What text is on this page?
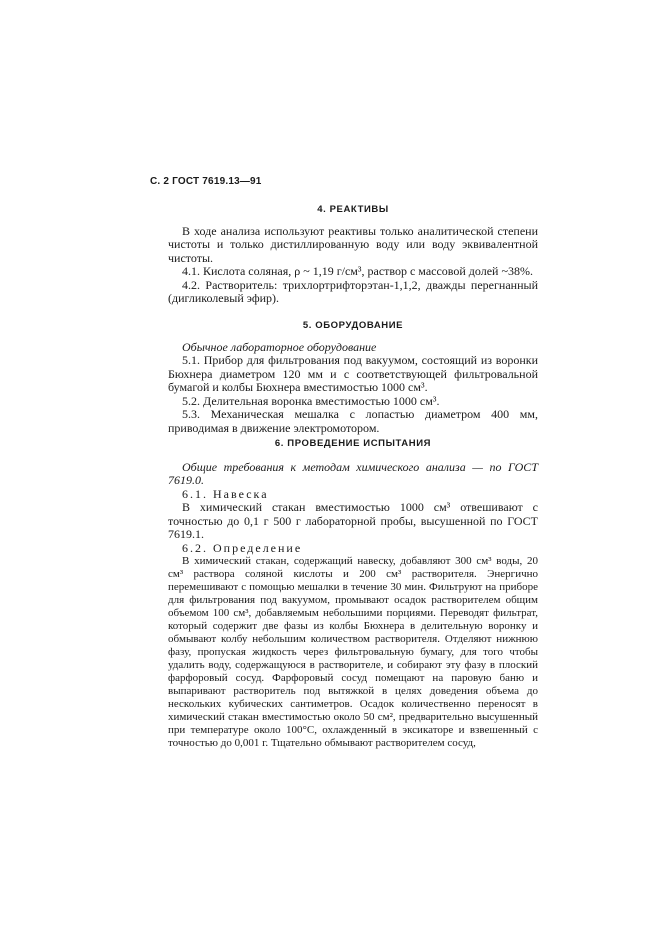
С. 2 ГОСТ 7619.13—91
4. РЕАКТИВЫ

В ходе анализа используют реактивы только аналитической степени чистоты и только дистиллированную воду или воду эквивалентной чистоты.

4.1. Кислота соляная, ρ ~ 1,19 г/см³, раствор с массовой долей ~38%.

4.2. Растворитель: трихлортрифторэтан-1,1,2, дважды перегнанный (дигликолевый эфир).

5. ОБОРУДОВАНИЕ

Обычное лабораторное оборудование

5.1. Прибор для фильтрования под вакуумом, состоящий из воронки Бюхнера диаметром 120 мм и с соответствующей фильтровальной бумагой и колбы Бюхнера вместимостью 1000 см³.

5.2. Делительная воронка вместимостью 1000 см³.

5.3. Механическая мешалка с лопастью диаметром 400 мм, приводимая в движение электромотором.

6. ПРОВЕДЕНИЕ ИСПЫТАНИЯ

Общие требования к методам химического анализа — по ГОСТ 7619.0.

6.1. Навеска

В химический стакан вместимостью 1000 см³ отвешивают с точностью до 0,1 г 500 г лабораторной пробы, высушенной по ГОСТ 7619.1.

6.2. Определение

В химический стакан, содержащий навеску, добавляют 300 см³ воды, 20 см³ раствора соляной кислоты и 200 см³ растворителя. Энергично перемешивают с помощью мешалки в течение 30 мин. Фильтруют на приборе для фильтрования под вакуумом, промывают осадок растворителем общим объемом 100 см³, добавляемым небольшими порциями. Переводят фильтрат, который содержит две фазы из колбы Бюхнера в делительную воронку и обмывают колбу небольшим количеством растворителя. Отделяют нижнюю фазу, пропуская жидкость через фильтровальную бумагу, для того чтобы удалить воду, содержащуюся в растворителе, и собирают эту фазу в плоский фарфоровый сосуд. Фарфоровый сосуд помещают на паровую баню и выпаривают растворитель под вытяжкой в целях доведения объема до нескольких кубических сантиметров. Осадок количественно переносят в химический стакан вместимостью около 50 см², предварительно высушенный при температуре около 100°С, охлажденный в эксикаторе и взвешенный с точностью до 0,001 г. Тщательно обмывают растворителем сосуд,
